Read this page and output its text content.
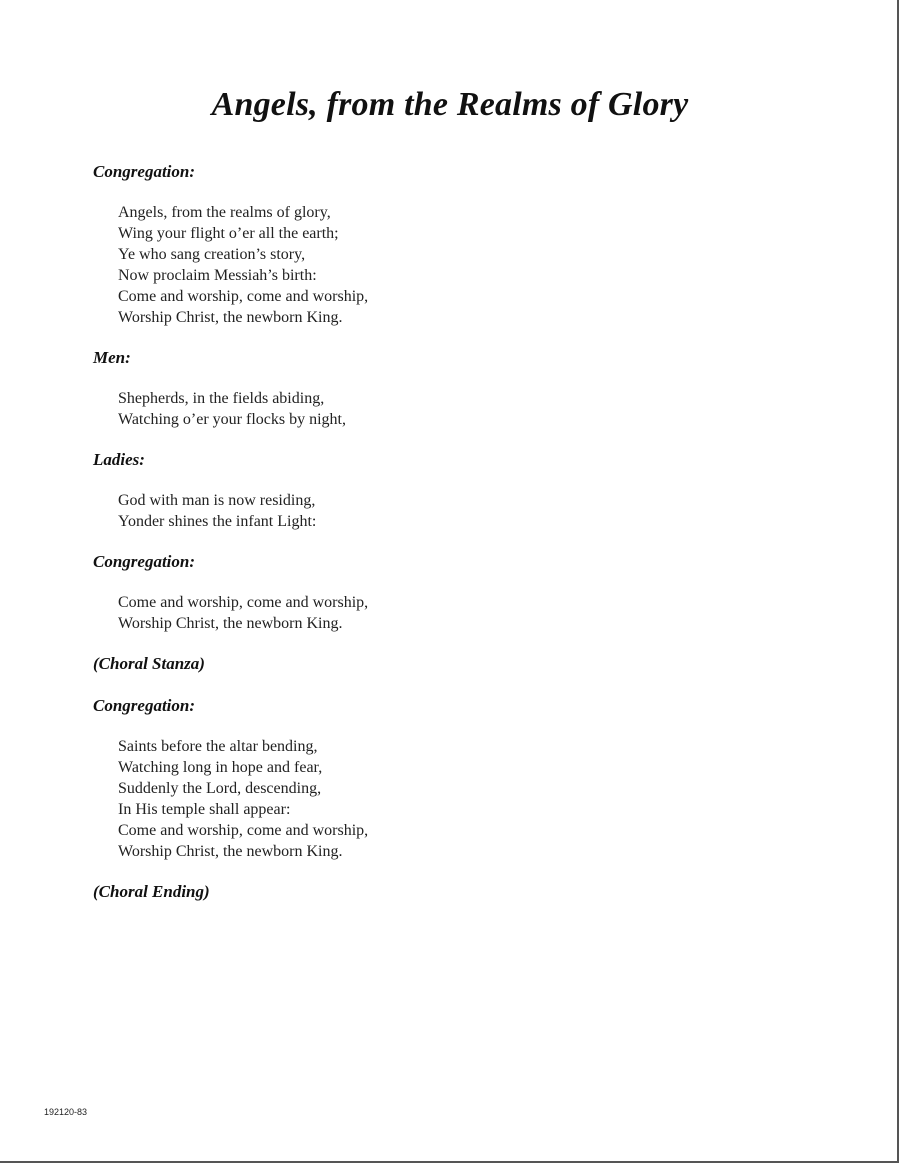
Angels, from the Realms of Glory
Congregation:
Angels, from the realms of glory,
Wing your flight o’er all the earth;
Ye who sang creation’s story,
Now proclaim Messiah’s birth:
Come and worship, come and worship,
Worship Christ, the newborn King.
Men:
Shepherds, in the fields abiding,
Watching o’er your flocks by night,
Ladies:
God with man is now residing,
Yonder shines the infant Light:
Congregation:
Come and worship, come and worship,
Worship Christ, the newborn King.
(Choral Stanza)
Congregation:
Saints before the altar bending,
Watching long in hope and fear,
Suddenly the Lord, descending,
In His temple shall appear:
Come and worship, come and worship,
Worship Christ, the newborn King.
(Choral Ending)
192120-83
